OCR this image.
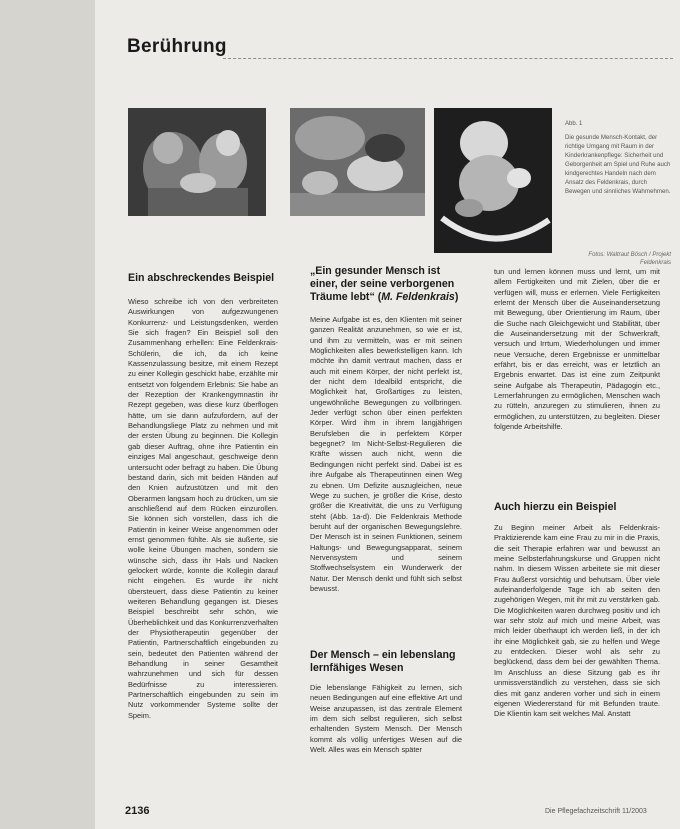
Berührung
Abb. 1
Die gesunde Mensch-Kontakt, der richtige Umgang mit Raum in der Kinderkrankenpflege: Sicherheit und Geborgenheit am Spiel und Ruhe auch kindgerechtes Handeln nach dem Ansatz des Feldenkrais, durch Bewegen und sinnliches Wahrnehmen.
Fotos: Waltraut Bösch / Projekt Feldenkrais

Ein abschreckendes Beispiel

Wieso schreibe ich von den verbreiteten Auswirkungen von aufgezwungenen Konkurrenz- und Leistungsdenken, werden Sie sich fragen? Ein Beispiel soll den Zusammenhang erhellen: Eine Feldenkrais-Schülerin, die ich, da ich keine Kassenzulassung besitze, mit einem Rezept zu einer Kollegin geschickt habe, erzählte mir entsetzt von folgendem Erlebnis: Sie habe an der Rezeption der Krankengymnastin ihr Rezept gegeben, was diese kurz überflogen hätte, um sie dann aufzufordern, auf der Behandlungsliege Platz zu nehmen und mit der ersten Übung zu beginnen. Die Kollegin gab dieser Auftrag, ohne ihre Patientin ein einziges Mal angeschaut, geschweige denn untersucht oder befragt zu haben. Die Übung bestand darin, sich mit beiden Händen auf den Knien aufzustützen und mit den Oberarmen langsam hoch zu drücken, um sie anschließend auf dem Rücken einzurollen. Sie können sich vorstellen, dass ich die Patientin in keiner Weise angenommen oder ernst genommen fühlte. Als sie äußerte, sie wolle keine Übungen machen, sondern sie wünsche sich, dass ihr Hals und Nacken gelockert würde, konnte die Kollegin darauf nicht eingehen. Es wurde ihr nicht übersteuert, dass diese Patientin zu keiner weiteren Behandlung gegangen ist. Dieses Beispiel beschreibt sehr schön, wie Überheblichkeit und das Konkurrenzverhalten der Physiotherapeutin gegenüber der Patientin, Partnerschaftlich eingebunden zu sein, bedeutet den Patienten während der Behandlung in seiner Gesamtheit wahrzunehmen und sich für dessen Bedürfnisse zu interessieren. Partnerschaftlich eingebunden zu sein im Nutz vorkommender Systeme sollte der Speim.

„Ein gesunder Mensch ist einer, der seine verborgenen Träume lebt“ (M. Feldenkrais)

Meine Aufgabe ist es, den Klienten mit seiner ganzen Realität anzunehmen, so wie er ist, und ihm zu vermitteln, was er mit seinen Möglichkeiten alles bewerkstelligen kann. Ich möchte ihn damit vertraut machen, dass er auch mit einem Körper, der nicht perfekt ist, der nicht dem Idealbild entspricht, die Möglichkeit hat, Großartiges zu leisten, ungewöhnliche Bewegungen zu vollbringen. Jeder verfügt schon über einen perfekten Körper. Wird ihm in ihrem langjährigen Berufsleben die in perfektem Körper begegnet? Im Nicht-Selbst-Regulieren die Kräfte wissen auch nicht, wenn die Bedingungen nicht perfekt sind. Dabei ist es ihre Aufgabe als Therapeutinnen einen Weg zu ebnen. Um Defizite auszugleichen, neue Wege zu suchen, je größer die Krise, desto größer die Kreativität, die uns zu Verfügung steht (Abb. 1a-d). Die Feldenkrais Methode beruht auf der organischen Bewegungslehre. Der Mensch ist in seinen Funktionen, seinem Haltungs- und Bewegungsapparat, seinem Nervensystem und seinem Stoffwechselsystem ein Wunderwerk der Natur. Der Mensch denkt und fühlt sich selbst bewusst.

Der Mensch – ein lebenslang lernfähiges Wesen

Die lebenslange Fähigkeit zu lernen, sich neuen Bedingungen auf eine effektive Art und Weise anzupassen, ist das zentrale Element im dem sich selbst regulieren, sich selbst erhaltenden System Mensch. Der Mensch kommt als völlig unfertiges Wesen auf die Welt. Alles was ein Mensch später

tun und lernen können muss und lernt, um mit allem Fertigkeiten und mit Zielen, über die er verfügen will, muss er erlernen. Viele Fertigkeiten erlernt der Mensch über die Auseinandersetzung mit Bewegung, über Orientierung im Raum, über die Suche nach Gleichgewicht und Stabilität, über die Auseinandersetzung mit der Schwerkraft, versuch und Irrtum, Wiederholungen und immer neue Versuche, deren Ergebnisse er unmittelbar erfährt, bis er das erreicht, was er letztlich an Ergebnis erwartet. Das ist eine zum Zeitpunkt seine Aufgabe als Therapeutin, Pädagogin etc., Lernerfahrungen zu ermöglichen, Menschen wach zu rütteln, anzuregen zu stimulieren, ihnen zu ermöglichen, zu unterstützen, zu begleiten. Dieser folgende Arbeitshilfe.

Auch hierzu ein Beispiel

Zu Beginn meiner Arbeit als Feldenkrais-Praktizierende kam eine Frau zu mir in die Praxis, die seit Therapie erfahren war und bewusst an meine Selbsterfahrungskurse und Gruppen nicht nahm. In diesem Wissen arbeitete sie mit dieser Frau äußerst vorsichtig und behutsam. Über viele aufeinanderfolgende Tage ich ab seiten den zugehörigen Wegen, mit ihr mit zu verstärken gab. Die Möglichkeiten waren durchweg positiv und ich war sehr stolz auf mich und meine Arbeit, was mich leider überhaupt ich werden ließ, in der ich ihr eine Möglichkeit gab, sie zu helfen und Wege zu entdecken. Dieser wohl als sehr zu beglückend, dass dem bei der gewählten Thema. Im Anschluss an diese Sitzung gab es ihr unmissverständlich zu verstehen, dass sie sich dies mit ganz anderen vorher und sich in einem eigenen Wiedererstand für mit Befunden traute. Die Klientin kam seit welches Mal. Anstatt

2136	Die Pflegefachzeitschrift 11/2003
